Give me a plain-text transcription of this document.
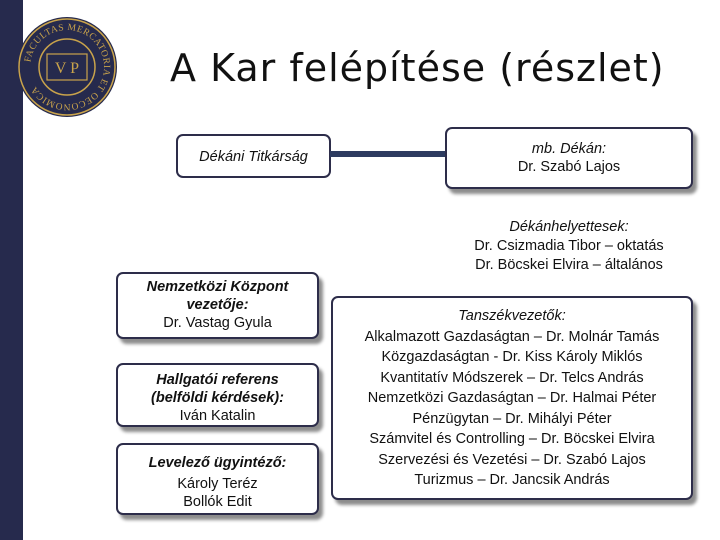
FACULTAS MERCATORIA ET OECONOMICA
V P A Kar felépítése (részlet)
Dékáni Titkárság	mb. Dékán:
Dr. Szabó Lajos
Dékánhelyettesek:
Dr. Csizmadia Tibor – oktatás
Dr. Böcskei Elvira – általános
Nemzetközi Központ
vezetője:
Dr. Vastag Gyula
Hallgatói referens
(belföldi kérdések):
Iván Katalin
Levelező ügyintéző:
Károly Teréz
Bollók Edit
Tanszékvezetők:
Alkalmazott Gazdaságtan – Dr. Molnár Tamás
Közgazdaságtan - Dr. Kiss Károly Miklós
Kvantitatív Módszerek – Dr. Telcs András
Nemzetközi Gazdaságtan – Dr. Halmai Péter
Pénzügytan – Dr. Mihályi Péter
Számvitel és Controlling – Dr. Böcskei Elvira
Szervezési és Vezetési – Dr. Szabó Lajos
Turizmus – Dr. Jancsik András
